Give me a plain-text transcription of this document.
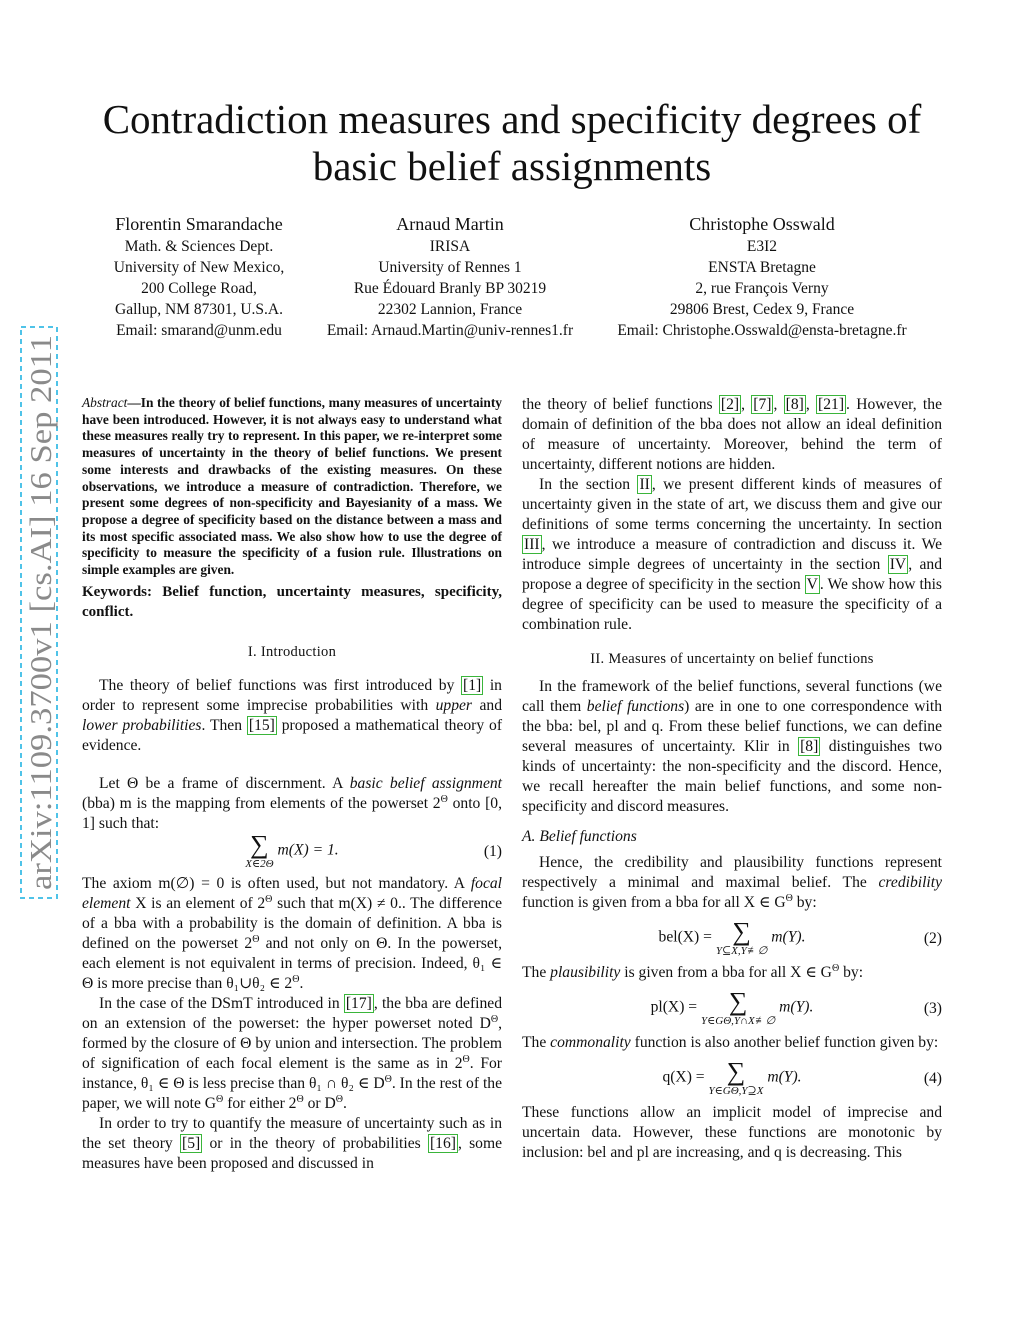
Contradiction measures and specificity degrees of basic belief assignments
Florentin Smarandache
Math. & Sciences Dept.
University of New Mexico,
200 College Road,
Gallup, NM 87301, U.S.A.
Email: smarand@unm.edu
Arnaud Martin
IRISA
University of Rennes 1
Rue Édouard Branly BP 30219
22302 Lannion, France
Email: Arnaud.Martin@univ-rennes1.fr
Christophe Osswald
E3I2
ENSTA Bretagne
2, rue François Verny
29806 Brest, Cedex 9, France
Email: Christophe.Osswald@ensta-bretagne.fr
arXiv:1109.3700v1 [cs.AI] 16 Sep 2011 Abstract—In the theory of belief functions, many measures of uncertainty have been introduced. However, it is not always easy to understand what these measures really try to represent. In this paper, we re-interpret some measures of uncertainty in the theory of belief functions. We present some interests and drawbacks of the existing measures. On these observations, we introduce a measure of contradiction. Therefore, we present some degrees of non-specificity and Bayesianity of a mass. We propose a degree of specificity based on the distance between a mass and its most specific associated mass. We also show how to use the degree of specificity to measure the specificity of a fusion rule. Illustrations on simple examples are given.

Keywords: Belief function, uncertainty measures, specificity, conflict.

I. Introduction

The theory of belief functions was first introduced by [1] in order to represent some imprecise probabilities with upper and lower probabilities. Then [15] proposed a mathematical theory of evidence.

Let Θ be a frame of discernment. A basic belief assignment (bba) m is the mapping from elements of the powerset $2^\Theta$ onto [0, 1] such that:

∑
X∈2Θ
m(X) = 1.	(1)

The axiom m(∅) = 0 is often used, but not mandatory. A focal element X is an element of $2^\Theta$ such that m(X) ≠ 0.. The difference of a bba with a probability is the domain of definition. A bba is defined on the powerset $2^\Theta$ and not only on Θ. In the powerset, each element is not equivalent in terms of precision. Indeed, θ₁ ∈ Θ is more precise than θ₁∪θ₂ ∈ $2^\Theta$.

In the case of the DSmT introduced in [17] , the bba are defined on an extension of the powerset: the hyper powerset noted $D^\Theta$, formed by the closure of Θ by union and intersection. The problem of signification of each focal element is the same as in $2^\Theta$. For instance, θ₁ ∈ Θ is less precise than θ₁ ∩ θ₂ ∈ $D^\Theta$. In the rest of the paper, we will note $G^\Theta$ for either $2^\Theta$ or $D^\Theta$.

In order to try to quantify the measure of uncertainty such as in the set theory [5] or in the theory of probabilities [16] , some measures have been proposed and discussed in

the theory of belief functions [2] , [7] , [8] , [21] . However, the domain of definition of the bba does not allow an ideal definition of measure of uncertainty. Moreover, behind the term of uncertainty, different notions are hidden.

In the section II , we present different kinds of measures of uncertainty given in the state of art, we discuss them and give our definitions of some terms concerning the uncertainty. In section III , we introduce a measure of contradiction and discuss it. We introduce simple degrees of uncertainty in the section IV , and propose a degree of specificity in the section V . We show how this degree of specificity can be used to measure the specificity of a combination rule.

II. Measures of uncertainty on belief functions

In the framework of the belief functions, several functions (we call them belief functions) are in one to one correspondence with the bba: bel, pl and q. From these belief functions, we can define several measures of uncertainty. Klir in [8] distinguishes two kinds of uncertainty: the non-specificity and the discord. Hence, we recall hereafter the main belief functions, and some non-specificity and discord measures.

A. Belief functions

Hence, the credibility and plausibility functions represent respectively a minimal and maximal belief. The credibility function is given from a bba for all X ∈ $G^\Theta$ by:

bel(X) = ∑
Y⊆X,Y≢∅
m(Y).	(2)

The plausibility is given from a bba for all X ∈ $G^\Theta$ by:

pl(X) =	∑
Y∈GΘ,Y∩X≢∅
m(Y).	(3)

The commonality function is also another belief function given by:

q(X) = ∑
Y∈GΘ,Y⊇X
m(Y).	(4)

These functions allow an implicit model of imprecise and uncertain data. However, these functions are monotonic by inclusion: bel and pl are increasing, and q is decreasing. This
